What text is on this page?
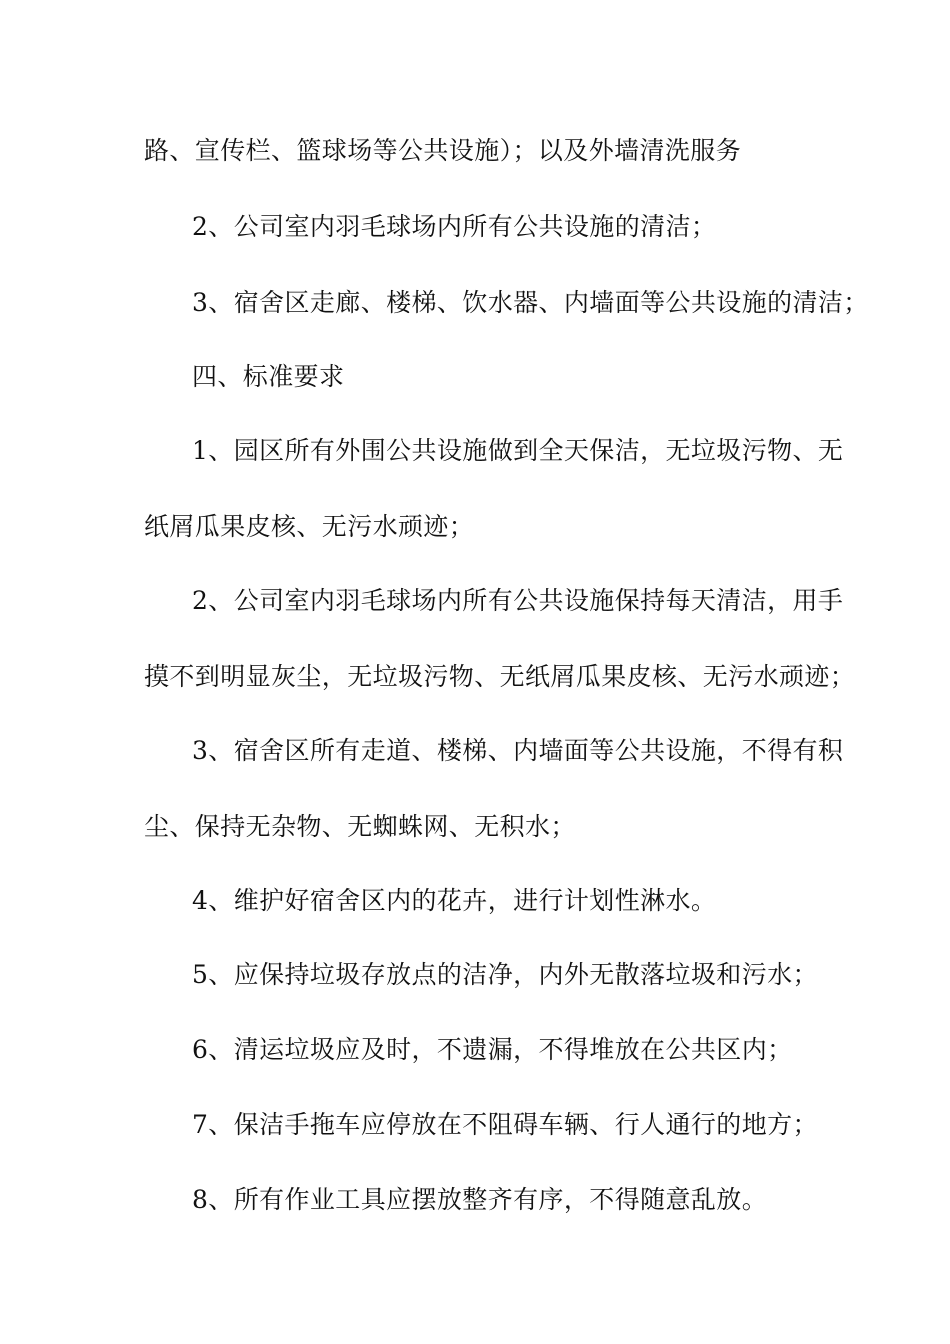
路、宣传栏、篮球场等公共设施）；以及外墙清洗服务
2、公司室内羽毛球场内所有公共设施的清洁；
3、宿舍区走廊、楼梯、饮水器、内墙面等公共设施的清洁；
四、标准要求
1、园区所有外围公共设施做到全天保洁，无垃圾污物、无
纸屑瓜果皮核、无污水顽迹；
2、公司室内羽毛球场内所有公共设施保持每天清洁，用手
摸不到明显灰尘，无垃圾污物、无纸屑瓜果皮核、无污水顽迹；
3、宿舍区所有走道、楼梯、内墙面等公共设施，不得有积
尘、保持无杂物、无蜘蛛网、无积水；
4、维护好宿舍区内的花卉，进行计划性淋水。
5、应保持垃圾存放点的洁净，内外无散落垃圾和污水；
6、清运垃圾应及时，不遗漏，不得堆放在公共区内；
7、保洁手拖车应停放在不阻碍车辆、行人通行的地方；
8、所有作业工具应摆放整齐有序，不得随意乱放。
